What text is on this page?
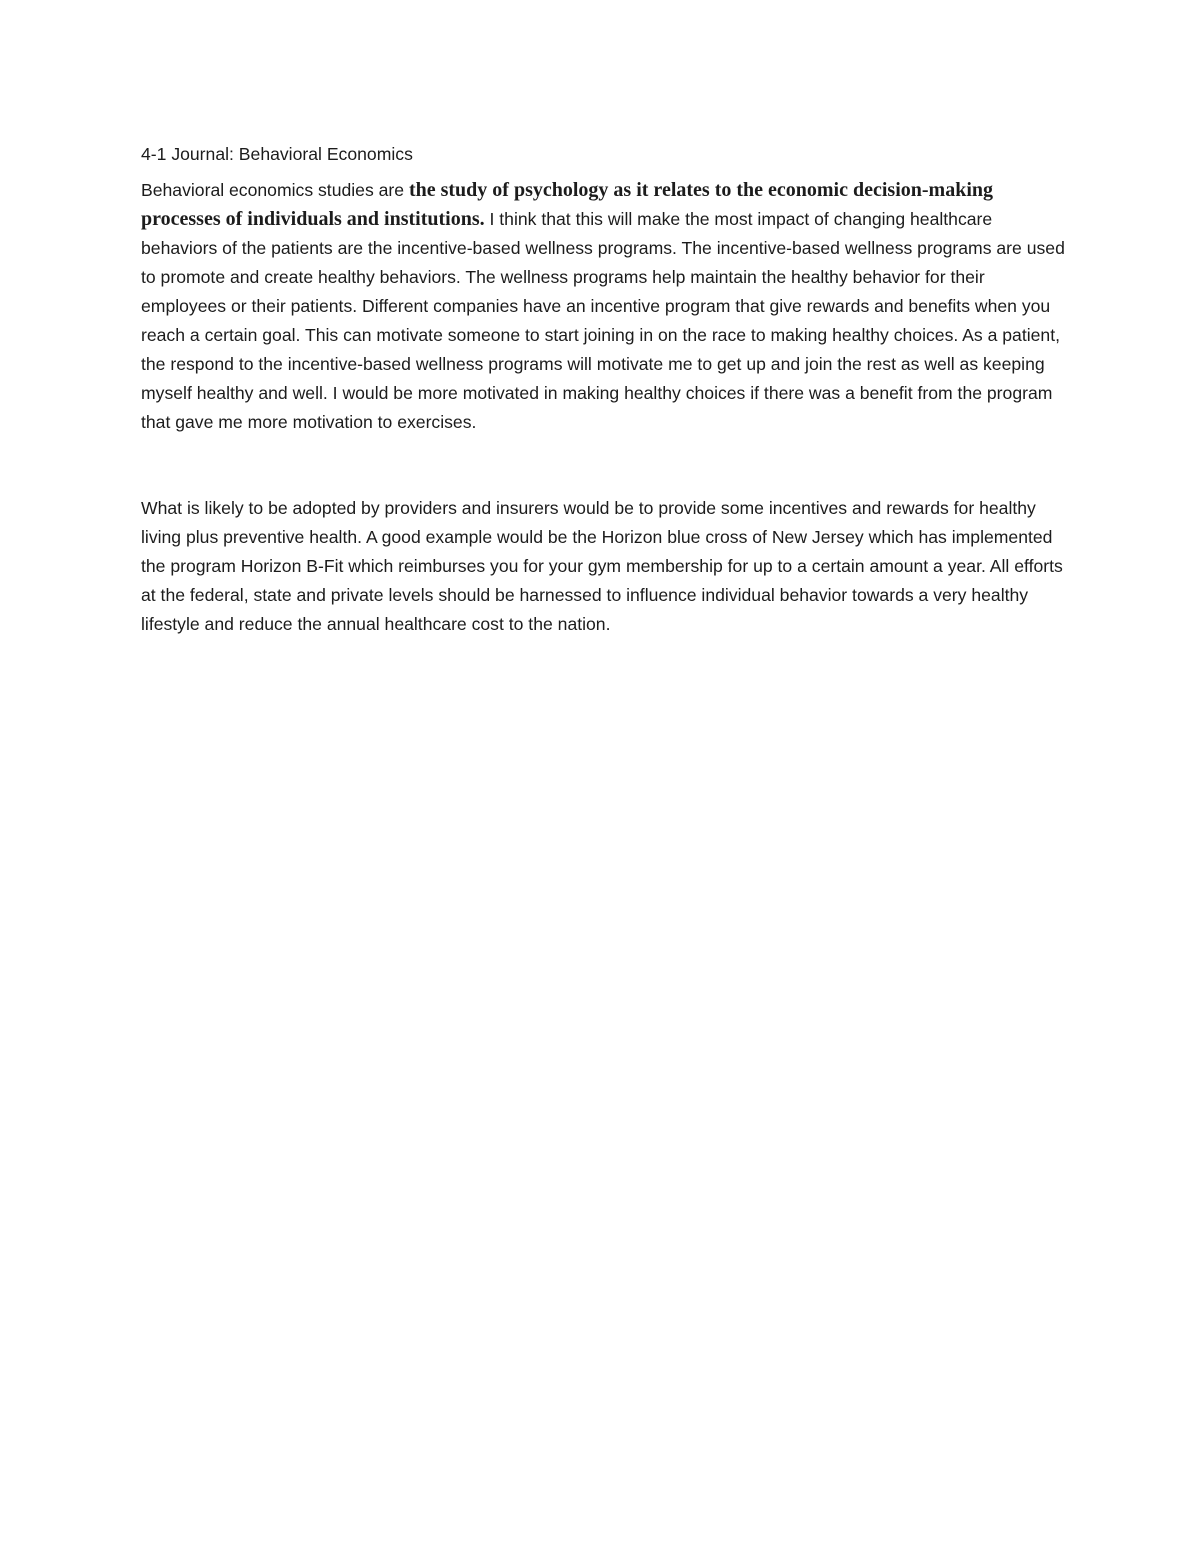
4-1 Journal: Behavioral Economics

Behavioral economics studies are the study of psychology as it relates to the economic decision-making processes of individuals and institutions. I think that this will make the most impact of changing healthcare behaviors of the patients are the incentive-based wellness programs. The incentive-based wellness programs are used to promote and create healthy behaviors. The wellness programs help maintain the healthy behavior for their employees or their patients. Different companies have an incentive program that give rewards and benefits when you reach a certain goal. This can motivate someone to start joining in on the race to making healthy choices. As a patient, the respond to the incentive-based wellness programs will motivate me to get up and join the rest as well as keeping myself healthy and well. I would be more motivated in making healthy choices if there was a benefit from the program that gave me more motivation to exercises.

What is likely to be adopted by providers and insurers would be to provide some incentives and rewards for healthy living plus preventive health. A good example would be the Horizon blue cross of New Jersey which has implemented the program Horizon B-Fit which reimburses you for your gym membership for up to a certain amount a year. All efforts at the federal, state and private levels should be harnessed to influence individual behavior towards a very healthy lifestyle and reduce the annual healthcare cost to the nation.
